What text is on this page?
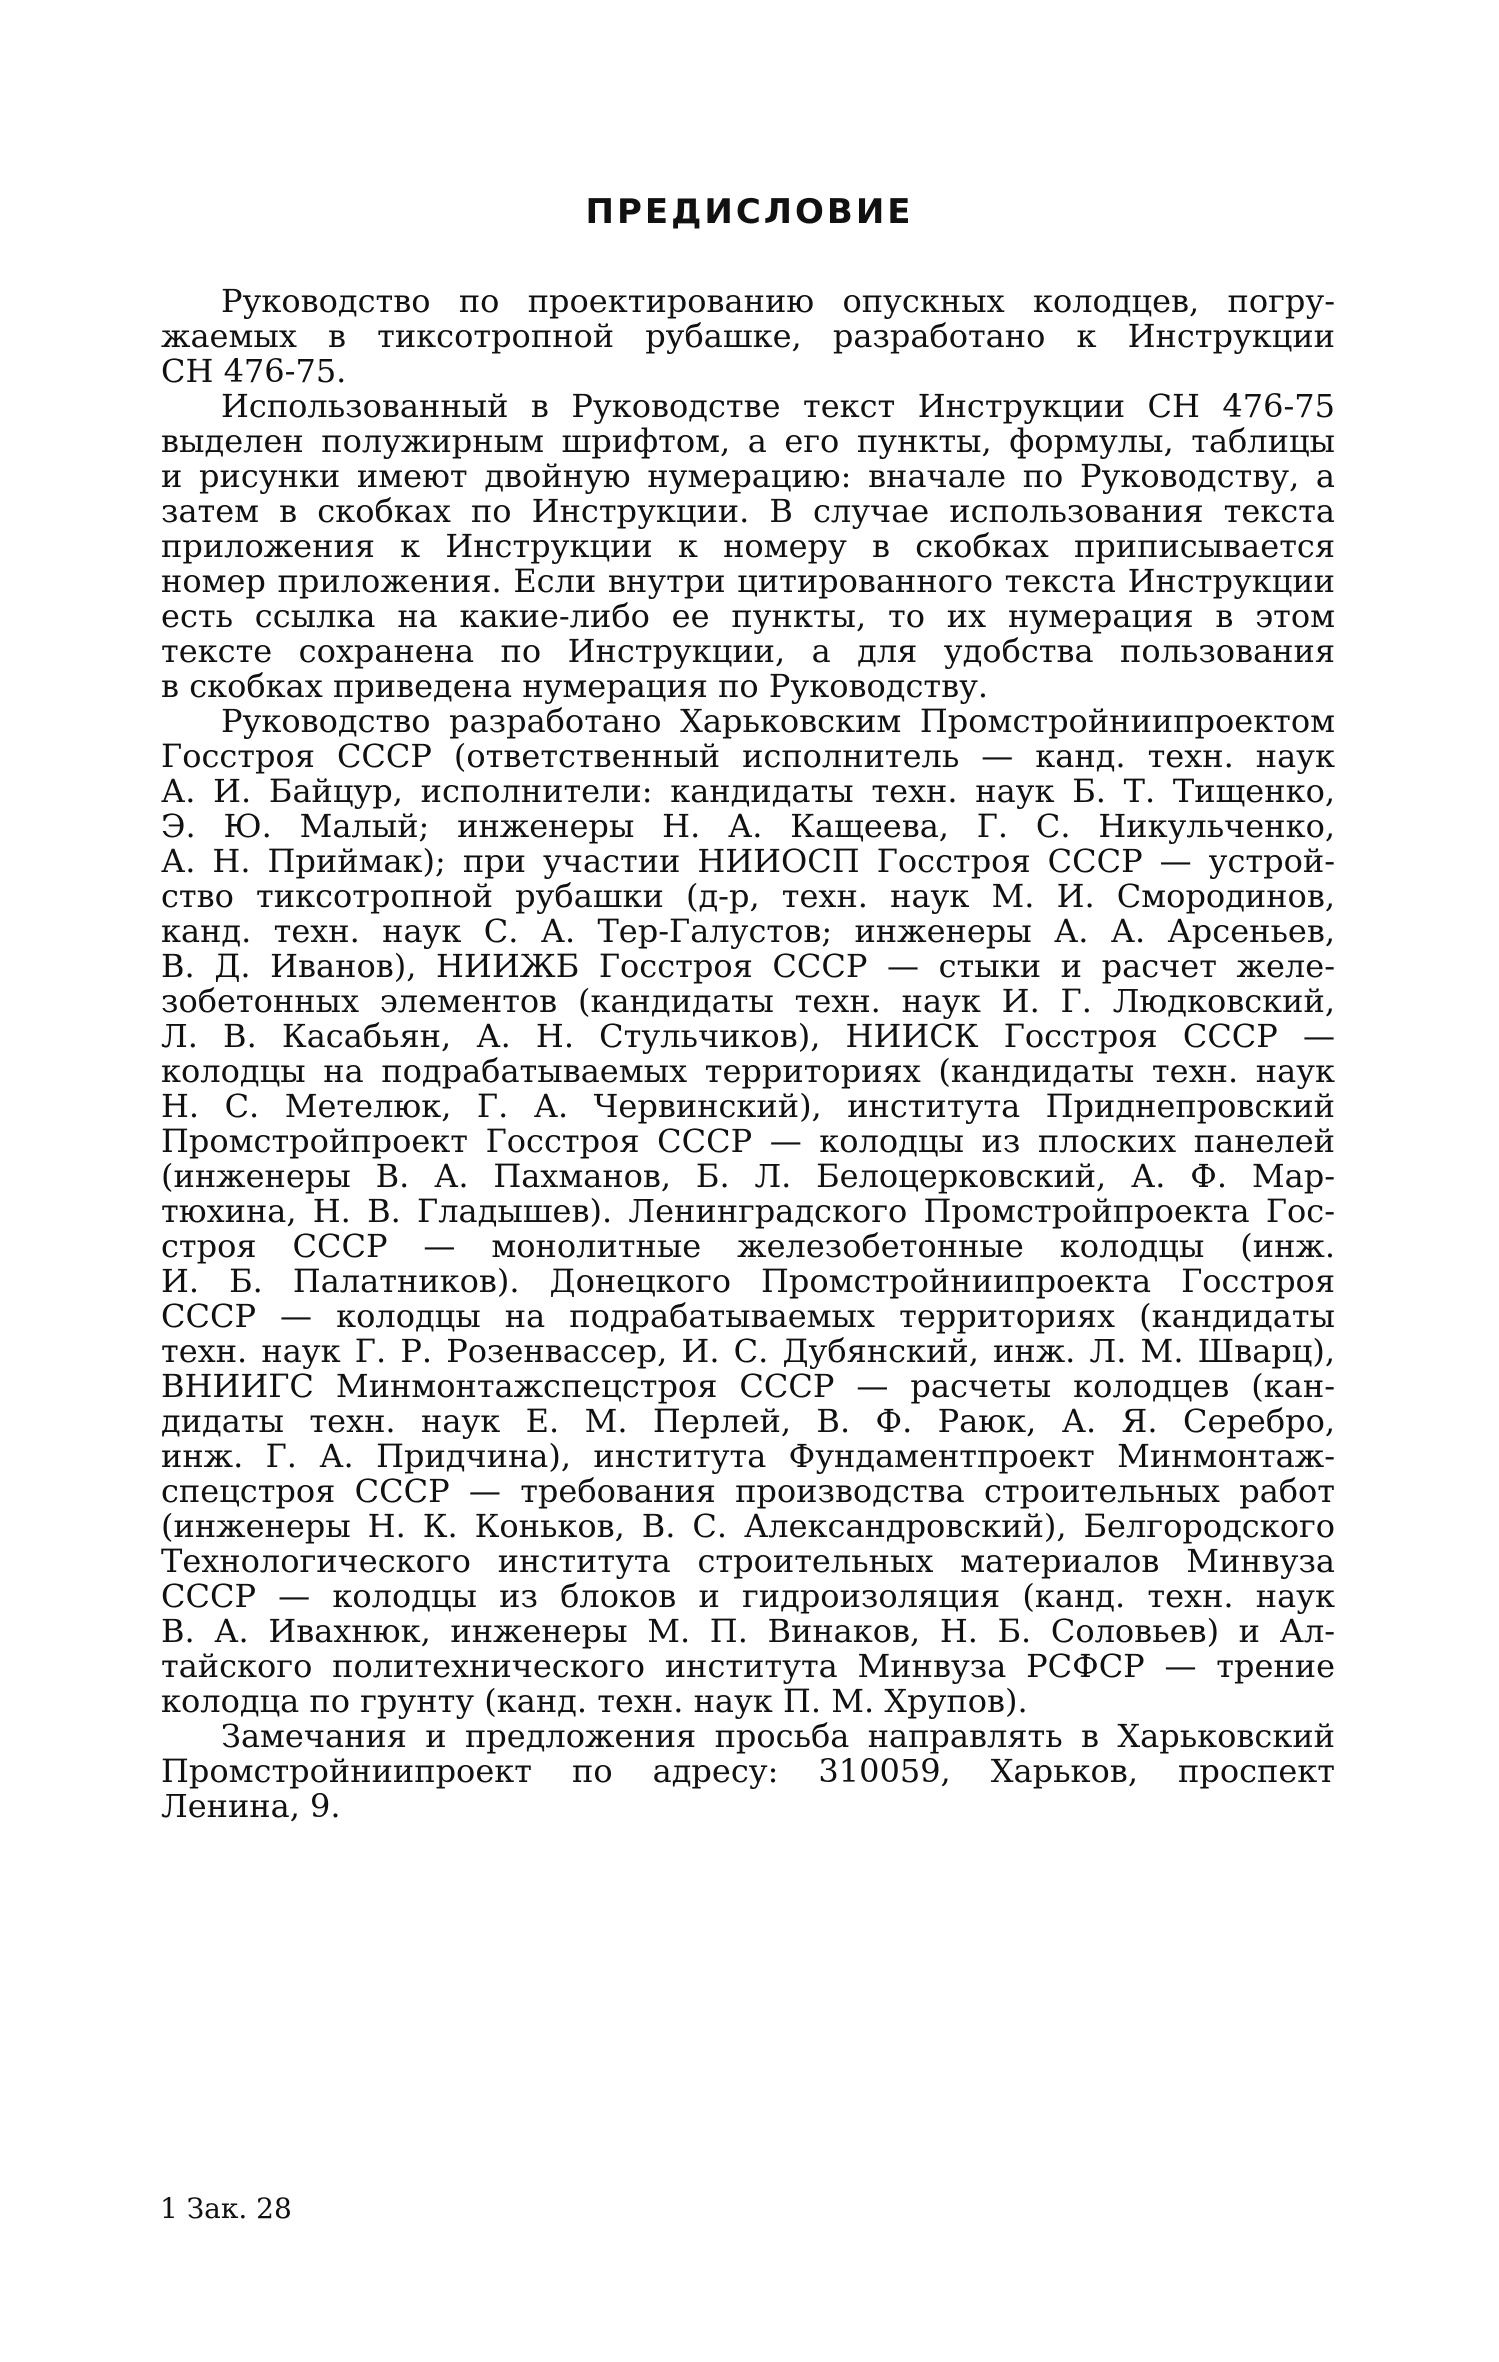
ПРЕДИСЛОВИЕ
Руководство по проектированию опускных колодцев, погру-
жаемых в тиксотропной рубашке, разработано к Инструкции
СН 476-75.
Использованный в Руководстве текст Инструкции СН 476-75
выделен полужирным шрифтом, а его пункты, формулы, таблицы
и рисунки имеют двойную нумерацию: вначале по Руководству, а
затем в скобках по Инструкции. В случае использования текста
приложения к Инструкции к номеру в скобках приписывается
номер приложения. Если внутри цитированного текста Инструкции
есть ссылка на какие-либо ее пункты, то их нумерация в этом
тексте сохранена по Инструкции, а для удобства пользования
в скобках приведена нумерация по Руководству.
Руководство разработано Харьковским Промстройниипроектом
Госстроя СССР (ответственный исполнитель — канд. техн. наук
А. И. Байцур, исполнители: кандидаты техн. наук Б. Т. Тищенко,
Э. Ю. Малый; инженеры Н. А. Кащеева, Г. С. Никульченко,
А. Н. Приймак); при участии НИИОСП Госстроя СССР — устрой-
ство тиксотропной рубашки (д-р, техн. наук М. И. Смородинов,
канд. техн. наук С. А. Тер-Галустов; инженеры А. А. Арсеньев,
В. Д. Иванов), НИИЖБ Госстроя СССР — стыки и расчет желе-
зобетонных элементов (кандидаты техн. наук И. Г. Людковский,
Л. В. Касабьян, А. Н. Стульчиков), НИИСК Госстроя СССР —
колодцы на подрабатываемых территориях (кандидаты техн. наук
Н. С. Метелюк, Г. А. Червинский), института Приднепровский
Промстройпроект Госстроя СССР — колодцы из плоских панелей
(инженеры В. А. Пахманов, Б. Л. Белоцерковский, А. Ф. Мар-
тюхина, Н. В. Гладышев). Ленинградского Промстройпроекта Гос-
строя СССР — монолитные железобетонные колодцы (инж.
И. Б. Палатников). Донецкого Промстройниипроекта Госстроя
СССР — колодцы на подрабатываемых территориях (кандидаты
техн. наук Г. Р. Розенвассер, И. С. Дубянский, инж. Л. М. Шварц),
ВНИИГС Минмонтажспецстроя СССР — расчеты колодцев (кан-
дидаты техн. наук Е. М. Перлей, В. Ф. Раюк, А. Я. Серебро,
инж. Г. А. Придчина), института Фундаментпроект Минмонтаж-
спецстроя СССР — требования производства строительных работ
(инженеры Н. К. Коньков, В. С. Александровский), Белгородского
Технологического института строительных материалов Минвуза
СССР — колодцы из блоков и гидроизоляция (канд. техн. наук
В. А. Ивахнюк, инженеры М. П. Винаков, Н. Б. Соловьев) и Ал-
тайского политехнического института Минвуза РСФСР — трение
колодца по грунту (канд. техн. наук П. М. Хрупов).
Замечания и предложения просьба направлять в Харьковский
Промстройниипроект по адресу: 310059, Харьков, проспект
Ленина, 9.
1 Зак. 28
